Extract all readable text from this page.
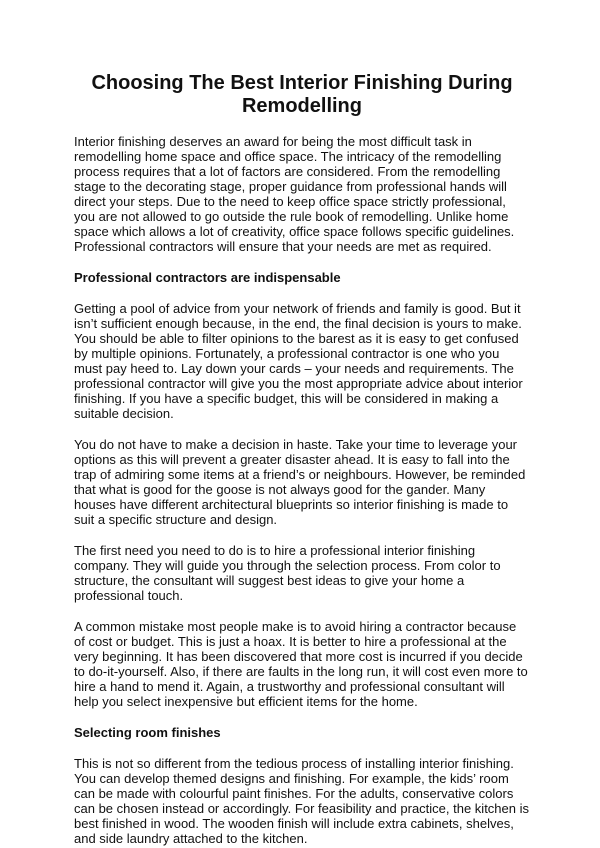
Choosing The Best Interior Finishing During Remodelling

Interior finishing deserves an award for being the most difficult task in remodelling home space and office space. The intricacy of the remodelling process requires that a lot of factors are considered. From the remodelling stage to the decorating stage, proper guidance from professional hands will direct your steps. Due to the need to keep office space strictly professional, you are not allowed to go outside the rule book of remodelling. Unlike home space which allows a lot of creativity, office space follows specific guidelines. Professional contractors will ensure that your needs are met as required.

Professional contractors are indispensable

Getting a pool of advice from your network of friends and family is good. But it isn’t sufficient enough because, in the end, the final decision is yours to make. You should be able to filter opinions to the barest as it is easy to get confused by multiple opinions. Fortunately, a professional contractor is one who you must pay heed to. Lay down your cards – your needs and requirements. The professional contractor will give you the most appropriate advice about interior finishing. If you have a specific budget, this will be considered in making a suitable decision.

You do not have to make a decision in haste. Take your time to leverage your options as this will prevent a greater disaster ahead. It is easy to fall into the trap of admiring some items at a friend’s or neighbours. However, be reminded that what is good for the goose is not always good for the gander. Many houses have different architectural blueprints so interior finishing is made to suit a specific structure and design.

The first need you need to do is to hire a professional interior finishing company. They will guide you through the selection process. From color to structure, the consultant will suggest best ideas to give your home a professional touch.

A common mistake most people make is to avoid hiring a contractor because of cost or budget. This is just a hoax. It is better to hire a professional at the very beginning. It has been discovered that more cost is incurred if you decide to do-it-yourself. Also, if there are faults in the long run, it will cost even more to hire a hand to mend it. Again, a trustworthy and professional consultant will help you select inexpensive but efficient items for the home.

Selecting room finishes

This is not so different from the tedious process of installing interior finishing. You can develop themed designs and finishing. For example, the kids’ room can be made with colourful paint finishes. For the adults, conservative colors can be chosen instead or accordingly. For feasibility and practice, the kitchen is best finished in wood. The wooden finish will include extra cabinets, shelves, and side laundry attached to the kitchen.
